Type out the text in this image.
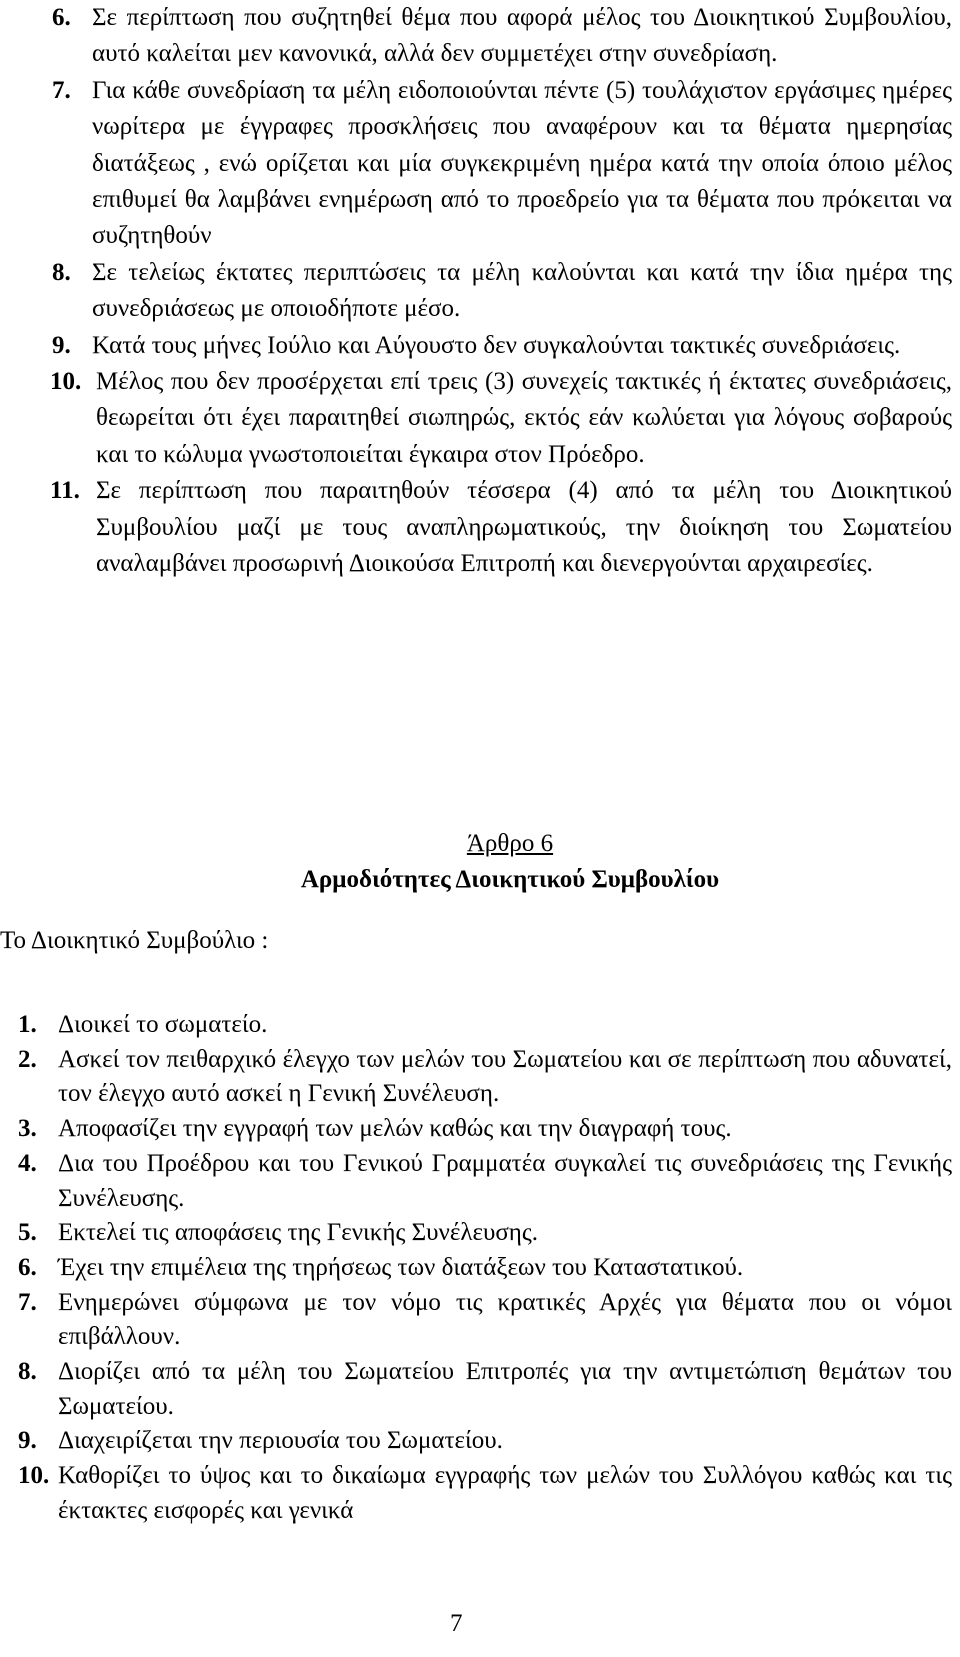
6. Σε περίπτωση που συζητηθεί θέμα που αφορά μέλος του Διοικητικού Συμβουλίου, αυτό καλείται μεν κανονικά, αλλά δεν συμμετέχει στην συνεδρίαση.
7. Για κάθε συνεδρίαση τα μέλη ειδοποιούνται πέντε (5) τουλάχιστον εργάσιμες ημέρες νωρίτερα με έγγραφες προσκλήσεις που αναφέρουν και τα θέματα ημερησίας διατάξεως , ενώ ορίζεται και μία συγκεκριμένη ημέρα κατά την οποία όποιο μέλος επιθυμεί θα λαμβάνει ενημέρωση από το προεδρείο για τα θέματα που πρόκειται να συζητηθούν
8. Σε τελείως έκτατες περιπτώσεις τα μέλη καλούνται και κατά την ίδια ημέρα της συνεδριάσεως με οποιοδήποτε μέσο.
9. Κατά τους μήνες Ιούλιο και Αύγουστο δεν συγκαλούνται τακτικές συνεδριάσεις.
10. Μέλος που δεν προσέρχεται επί τρεις (3) συνεχείς τακτικές ή έκτατες συνεδριάσεις, θεωρείται ότι έχει παραιτηθεί σιωπηρώς, εκτός εάν κωλύεται για λόγους σοβαρούς και το κώλυμα γνωστοποιείται έγκαιρα στον Πρόεδρο.
11. Σε περίπτωση που παραιτηθούν τέσσερα (4) από τα μέλη του Διοικητικού Συμβουλίου μαζί με τους αναπληρωματικούς, την διοίκηση του Σωματείου αναλαμβάνει προσωρινή Διοικούσα Επιτροπή και διενεργούνται αρχαιρεσίες.
Άρθρο 6
Αρμοδιότητες Διοικητικού Συμβουλίου
Το Διοικητικό Συμβούλιο :
1. Διοικεί το σωματείο.
2. Ασκεί τον πειθαρχικό έλεγχο των μελών του Σωματείου και σε περίπτωση που αδυνατεί, τον έλεγχο αυτό ασκεί η Γενική Συνέλευση.
3. Αποφασίζει την εγγραφή των μελών καθώς και την διαγραφή τους.
4. Δια του Προέδρου και του Γενικού Γραμματέα συγκαλεί τις συνεδριάσεις της Γενικής Συνέλευσης.
5. Εκτελεί τις αποφάσεις της Γενικής Συνέλευσης.
6. Έχει την επιμέλεια της τηρήσεως των διατάξεων του Καταστατικού.
7. Ενημερώνει σύμφωνα με τον νόμο τις κρατικές Αρχές για θέματα που οι νόμοι επιβάλλουν.
8. Διορίζει από τα μέλη του Σωματείου Επιτροπές για την αντιμετώπιση θεμάτων του Σωματείου.
9. Διαχειρίζεται την περιουσία του Σωματείου.
10. Καθορίζει το ύψος και το δικαίωμα εγγραφής των μελών του Συλλόγου καθώς και τις έκτακτες εισφορές και γενικά
7
